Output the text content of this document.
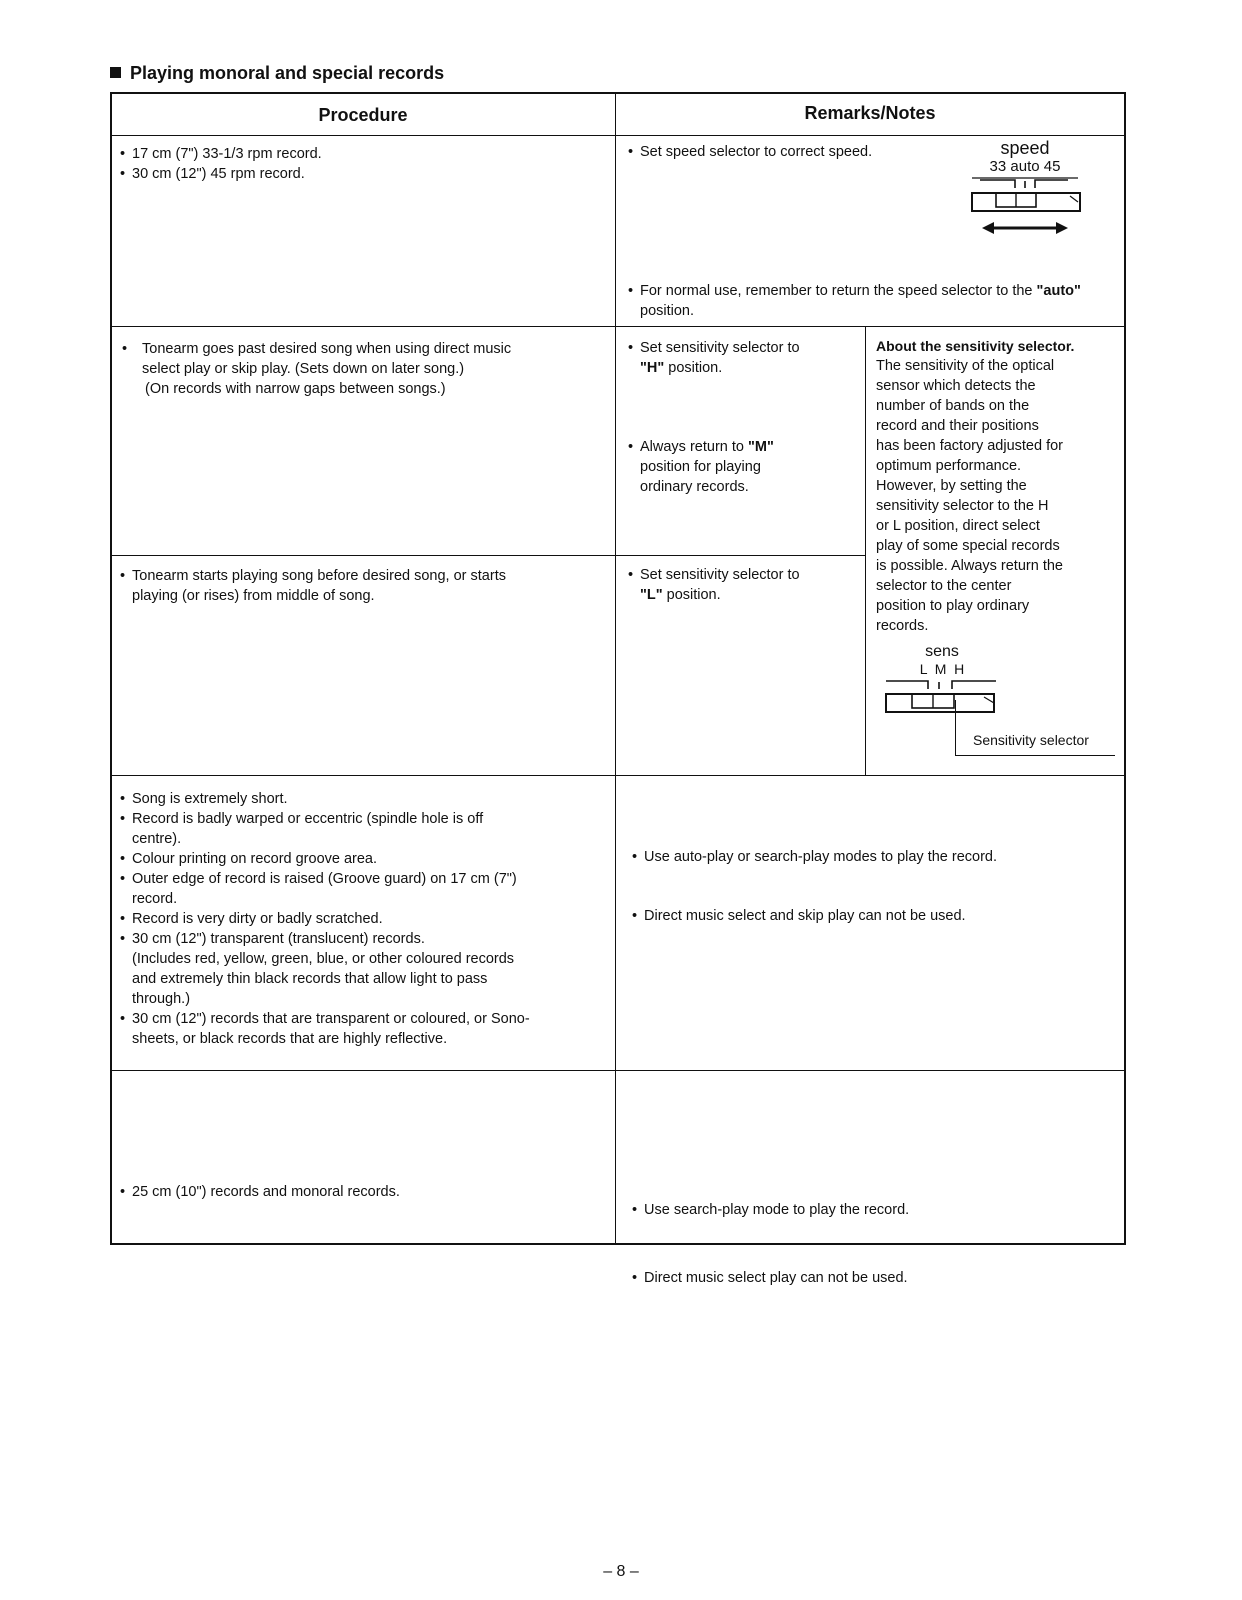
Playing monoral and special records
Procedure	Remarks/Notes
• 17 cm (7") 33-1/3 rpm record.
• 30 cm (12") 45 rpm record.
• Set speed selector to correct speed.	speed
33 auto 45
• For normal use, remember to return the speed selector to the "auto" position.
• Tonearm goes past desired song when using direct music
select play or skip play. (Sets down on later song.)
(On records with narrow gaps between songs.)
• Set sensitivity selector to
"H" position.
• Always return to "M"
position for playing
ordinary records.
About the sensitivity selector.
The sensitivity of the optical
sensor which detects the
number of bands on the
record and their positions
has been factory adjusted for
optimum performance.
However, by setting the
sensitivity selector to the H
or L position, direct select
play of some special records
is possible. Always return the
selector to the center
position to play ordinary
records.
sens
L  M  H
Sensitivity selector
• Tonearm starts playing song before desired song, or starts
playing (or rises) from middle of song.
• Set sensitivity selector to
"L" position.
• Song is extremely short.
• Record is badly warped or eccentric (spindle hole is off
centre).
• Colour printing on record groove area.
• Outer edge of record is raised (Groove guard) on 17 cm (7")
record.
• Record is very dirty or badly scratched.
• 30 cm (12") transparent (translucent) records.
(Includes red, yellow, green, blue, or other coloured records
and extremely thin black records that allow light to pass
through.)
• 30 cm (12") records that are transparent or coloured, or Sono-
sheets, or black records that are highly reflective.
• Use auto-play or search-play modes to play the record.
• Direct music select and skip play can not be used.
• 25 cm (10") records and monoral records.
• Use search-play mode to play the record.
• Direct music select play can not be used.
– 8 –
